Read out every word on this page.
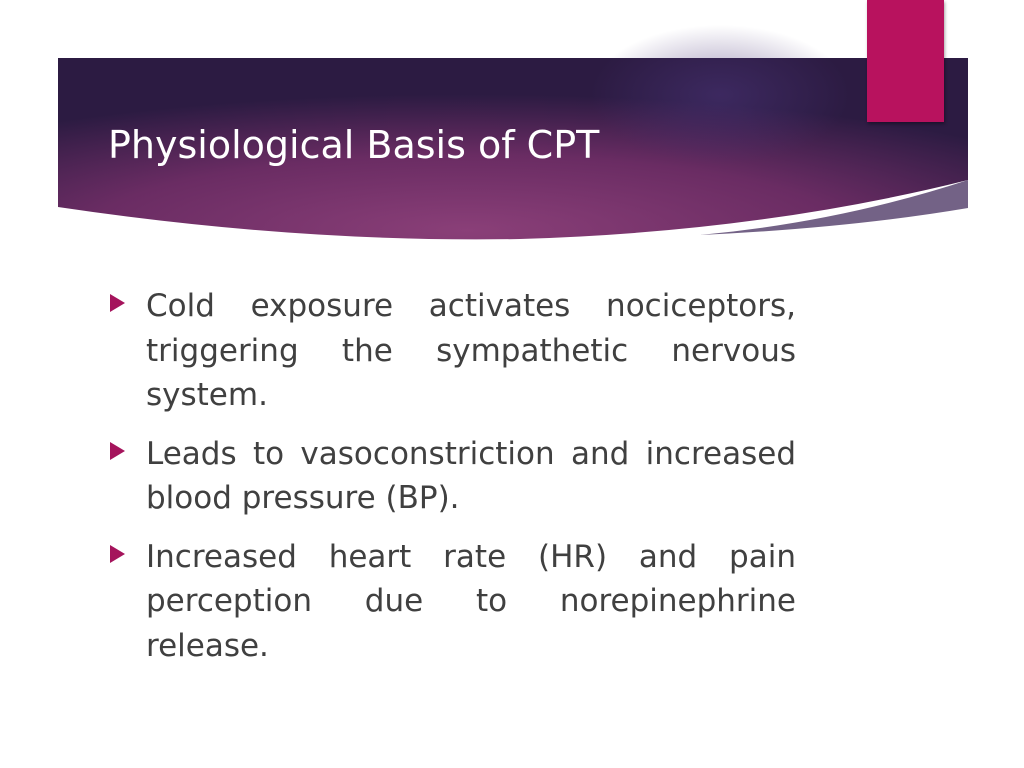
Physiological Basis of CPT
Cold exposure activates nociceptors, triggering the sympathetic nervous system.
Leads to vasoconstriction and increased blood pressure (BP).
Increased heart rate (HR) and pain perception due to norepinephrine release.
